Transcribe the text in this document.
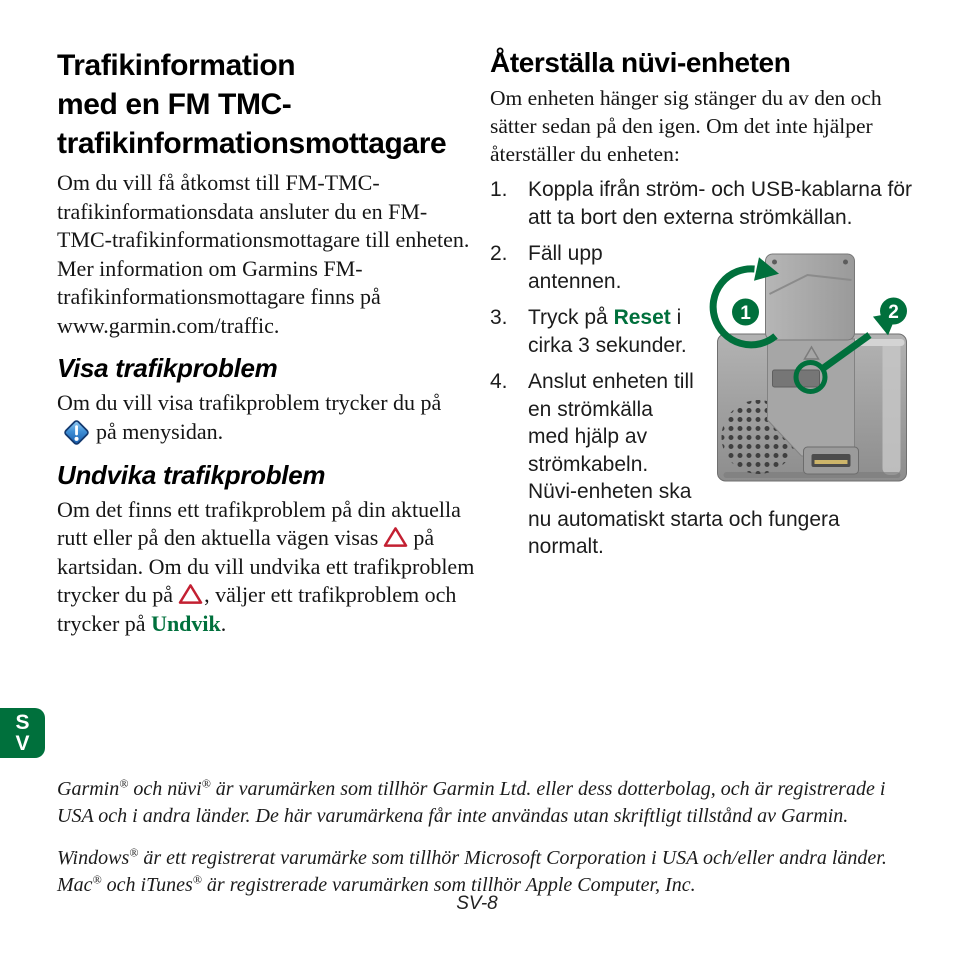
Trafikinformation
med en FM TMC-
trafikinformationsmottagare
Om du vill få åtkomst till FM-TMC-trafikinformationsdata ansluter du en FM-TMC-trafikinformationsmottagare till enheten. Mer information om Garmins FM-trafikinformationsmottagare finns på www.garmin.com/traffic.
Visa trafikproblem
Om du vill visa trafikproblem trycker du påpå menysidan.
Undvika trafikproblem
Om det finns ett trafikproblem på din aktuella rutt eller på den aktuella vägen visas på kartsidan. Om du vill undvika ett trafikproblem trycker du på , väljer ett trafikproblem och trycker på Undvik.
Återställa nüvi-enheten
Om enheten hänger sig stänger du av den och sätter sedan på den igen. Om det inte hjälper återställer du enheten:
1. Koppla ifrån ström- och USB-kablarna för att ta bort den externa strömkällan.
1	2
2. Fäll upp antennen.
3. Tryck på Reset i cirka 3 sekunder.
4. Anslut enheten till en strömkälla med hjälp av strömkabeln. Nüvi-enheten ska nu automatiskt starta och fungera normalt.
S
V

Garmin® och nüvi® är varumärken som tillhör Garmin Ltd. eller dess dotterbolag, och är registrerade i USA och i andra länder. De här varumärkena får inte användas utan skriftligt tillstånd av Garmin.

Windows® är ett registrerat varumärke som tillhör Microsoft Corporation i USA och/eller andra länder. Mac® och iTunes® är registrerade varumärken som tillhör Apple Computer, Inc.

SV-8
